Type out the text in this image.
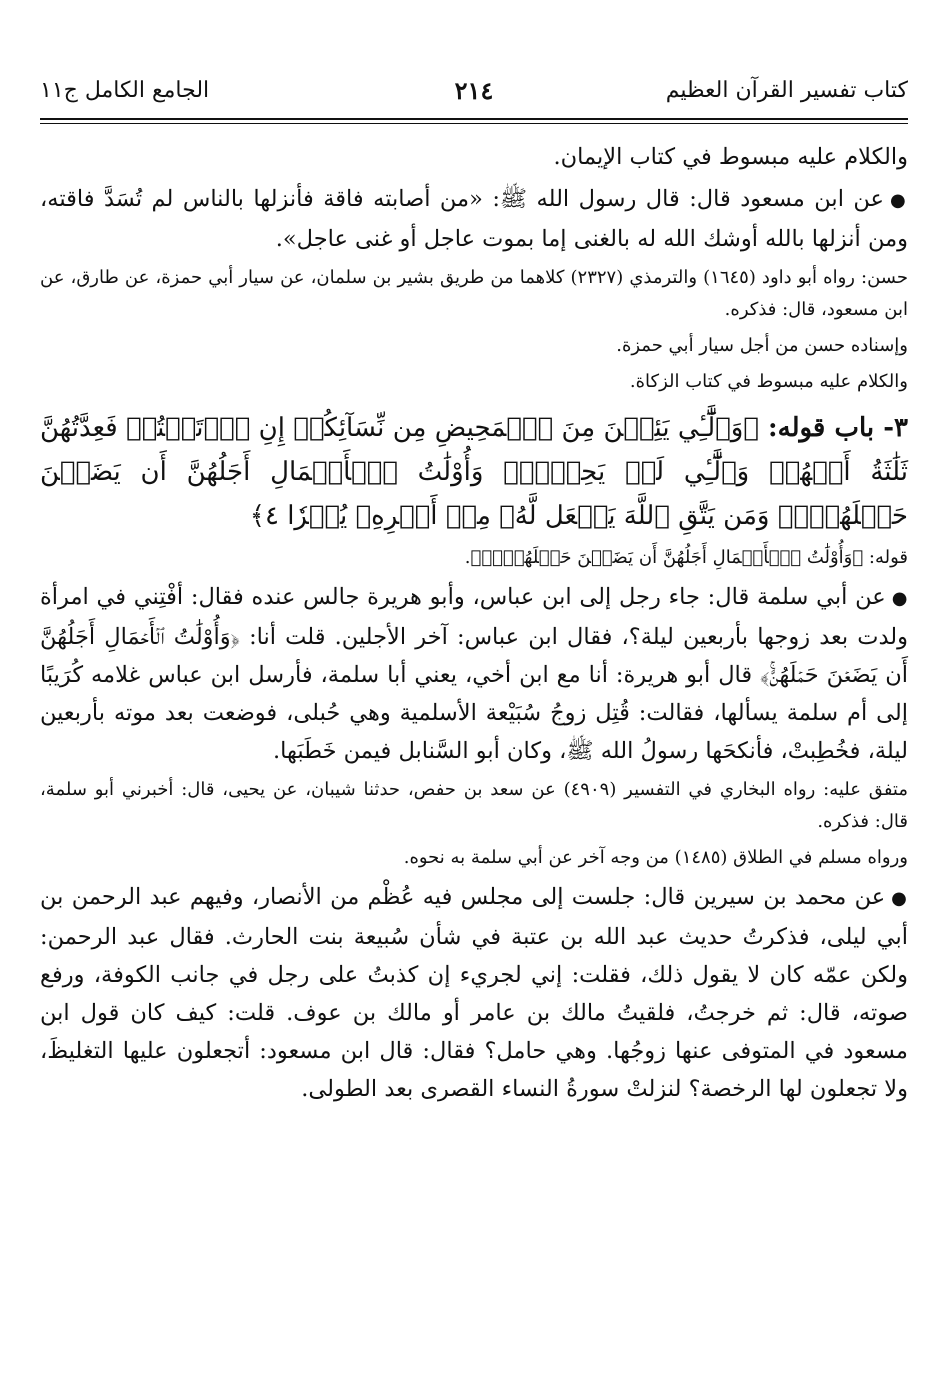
كتاب تفسير القرآن العظيم
٢١٤
الجامع الكامل ج١١

والكلام عليه مبسوط في كتاب الإيمان.

●عن ابن مسعود قال: قال رسول الله ﷺ: «من أصابته فاقة فأنزلها بالناس لم تُسَدَّ فاقته، ومن أنزلها بالله أوشك الله له بالغنى إما بموت عاجل أو غنى عاجل».

حسن: رواه أبو داود (١٦٤٥) والترمذي (٢٣٢٧) كلاهما من طريق بشير بن سلمان، عن سيار أبي حمزة، عن طارق، عن ابن مسعود، قال: فذكره.

وإسناده حسن من أجل سيار أبي حمزة.

والكلام عليه مبسوط في كتاب الزكاة.

٣- باب قوله: ﴿وَٱلَّٰٓـِٔي يَئِسۡنَ مِنَ ٱلۡمَحِيضِ مِن نِّسَآئِكُمۡ إِنِ ٱرۡتَبۡتُمۡ فَعِدَّتُهُنَّ ثَلَٰثَةُ أَشۡهُرٖ وَٱلَّٰٓـِٔي لَمۡ يَحِضۡنَۚ وَأُوْلَٰتُ ٱلۡأَحۡمَالِ أَجَلُهُنَّ أَن يَضَعۡنَ حَمۡلَهُنَّۚ وَمَن يَتَّقِ ٱللَّهَ يَجۡعَل لَّهُۥ مِنۡ أَمۡرِهِۦ يُسۡرٗا ٤﴾

قوله: ﴿وَأُوْلَٰتُ ٱلۡأَحۡمَالِ أَجَلُهُنَّ أَن يَضَعۡنَ حَمۡلَهُنَّۚ﴾.

●عن أبي سلمة قال: جاء رجل إلى ابن عباس، وأبو هريرة جالس عنده فقال: أفْتِني في امرأة ولدت بعد زوجها بأربعين ليلة؟، فقال ابن عباس: آخر الأجلين. قلت أنا: ﴿وَأُوْلَٰتُ ٱلۡأَحۡمَالِ أَجَلُهُنَّ أَن يَضَعۡنَ حَمۡلَهُنَّۚ﴾ قال أبو هريرة: أنا مع ابن أخي، يعني أبا سلمة، فأرسل ابن عباس غلامه كُرَيبًا إلى أم سلمة يسألها، فقالت: قُتِل زوجُ سُبَيْعة الأسلمية وهي حُبلى، فوضعت بعد موته بأربعين ليلة، فخُطِبتْ، فأنكحَها رسولُ الله ﷺ، وكان أبو السَّنابل فيمن خَطَبَها.

متفق عليه: رواه البخاري في التفسير (٤٩٠٩) عن سعد بن حفص، حدثنا شيبان، عن يحيى، قال: أخبرني أبو سلمة، قال: فذكره.

ورواه مسلم في الطلاق (١٤٨٥) من وجه آخر عن أبي سلمة به نحوه.

●عن محمد بن سيرين قال: جلست إلى مجلس فيه عُظْم من الأنصار، وفيهم عبد الرحمن بن أبي ليلى، فذكرتُ حديث عبد الله بن عتبة في شأن سُبيعة بنت الحارث. فقال عبد الرحمن: ولكن عمّه كان لا يقول ذلك، فقلت: إني لجريء إن كذبتُ على رجل في جانب الكوفة، ورفع صوته، قال: ثم خرجتُ، فلقيتُ مالك بن عامر أو مالك بن عوف. قلت: كيف كان قول ابن مسعود في المتوفى عنها زوجُها. وهي حامل؟ فقال: قال ابن مسعود: أتجعلون عليها التغليظَ، ولا تجعلون لها الرخصة؟ لنزلتْ سورةُ النساء القصرى بعد الطولى.
